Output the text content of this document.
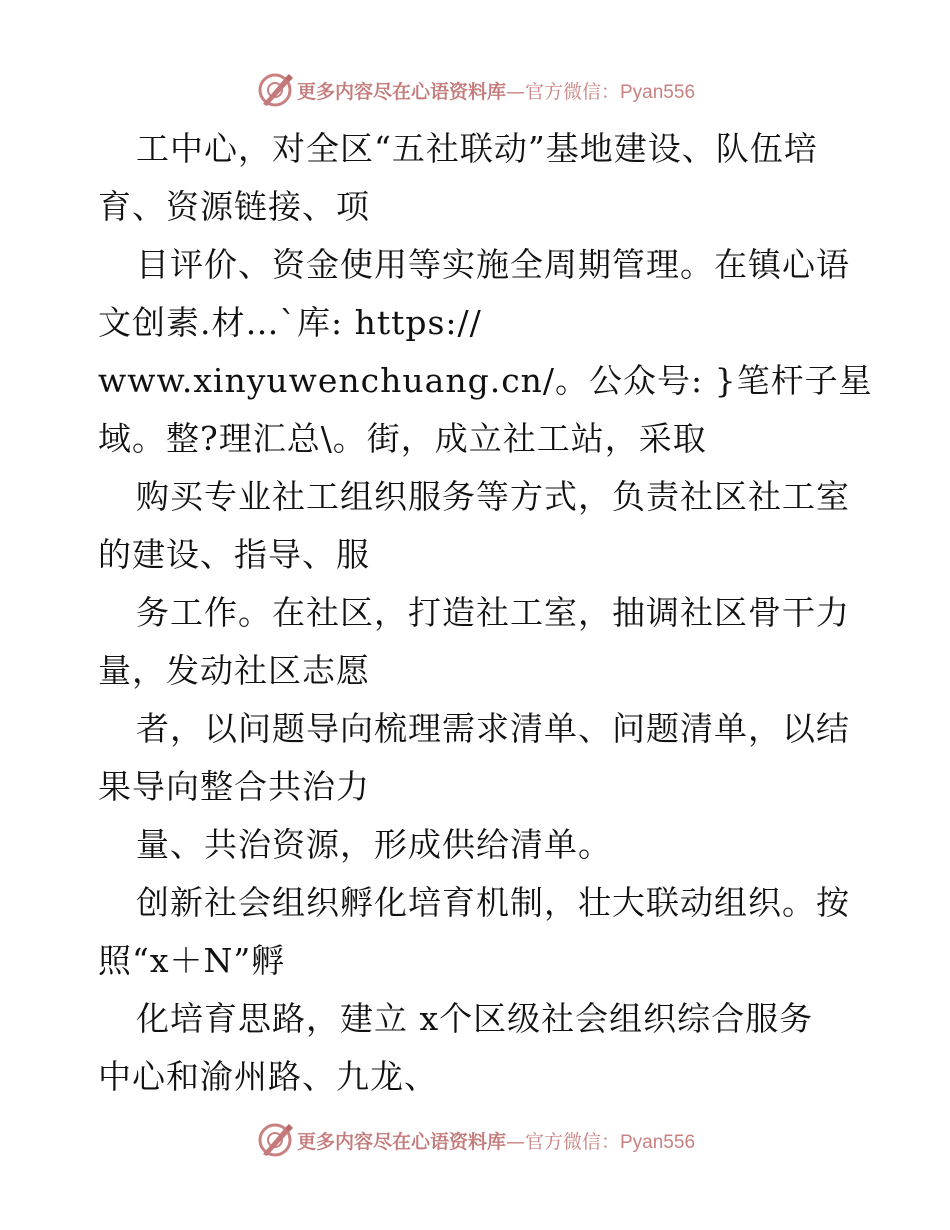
更多内容尽在心语资料库—官方微信：Pyan556
工中心，对全区“五社联动”基地建设、队伍培
育、资源链接、项
目评价、资金使用等实施全周期管理。在镇心语
文创素.材…`库: https://
www.xinyuwenchuang.cn/。公众号: }笔杆子星
域。整?理汇总\。街，成立社工站，采取
购买专业社工组织服务等方式，负责社区社工室
的建设、指导、服
务工作。在社区，打造社工室，抽调社区骨干力
量，发动社区志愿
者，以问题导向梳理需求清单、问题清单，以结
果导向整合共治力
量、共治资源，形成供给清单。
创新社会组织孵化培育机制，壮大联动组织。按
照“x＋N”孵
化培育思路，建立 x个区级社会组织综合服务
中心和渝州路、九龙、
更多内容尽在心语资料库—官方微信：Pyan556
